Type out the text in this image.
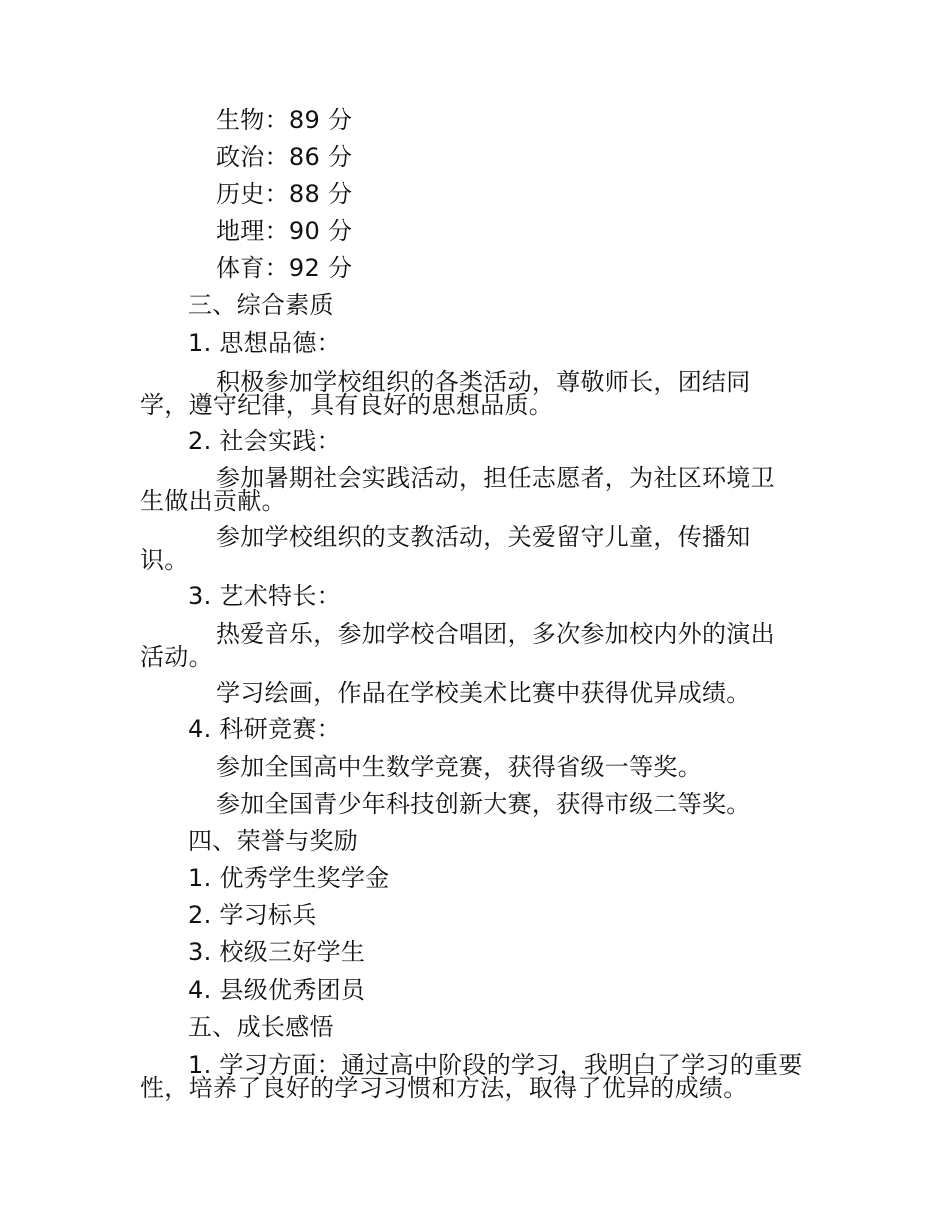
生物：89 分
政治：86 分
历史：88 分
地理：90 分
体育：92 分
三、综合素质
1. 思想品德：
积极参加学校组织的各类活动，尊敬师长，团结同
学，遵守纪律，具有良好的思想品质。
2. 社会实践：
参加暑期社会实践活动，担任志愿者，为社区环境卫
生做出贡献。
参加学校组织的支教活动，关爱留守儿童，传播知
识。
3. 艺术特长：
热爱音乐，参加学校合唱团，多次参加校内外的演出
活动。
学习绘画，作品在学校美术比赛中获得优异成绩。
4. 科研竞赛：
参加全国高中生数学竞赛，获得省级一等奖。
参加全国青少年科技创新大赛，获得市级二等奖。
四、荣誉与奖励
1. 优秀学生奖学金
2. 学习标兵
3. 校级三好学生
4. 县级优秀团员
五、成长感悟
1. 学习方面：通过高中阶段的学习，我明白了学习的重要
性，培养了良好的学习习惯和方法，取得了优异的成绩。
